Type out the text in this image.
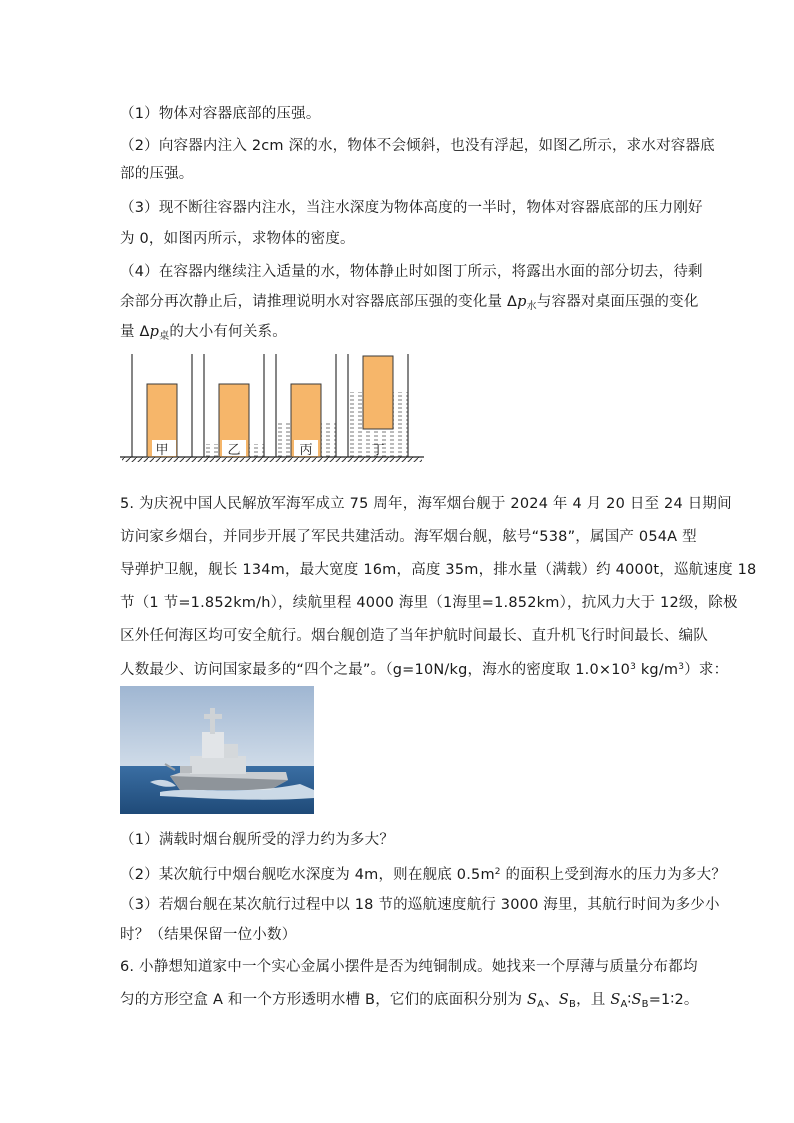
（1）物体对容器底部的压强。
（2）向容器内注入 2cm 深的水，物体不会倾斜，也没有浮起，如图乙所示，求水对容器底
部的压强。
（3）现不断往容器内注水，当注水深度为物体高度的一半时，物体对容器底部的压力刚好
为 0，如图丙所示，求物体的密度。
（4）在容器内继续注入适量的水，物体静止时如图丁所示，将露出水面的部分切去，待剩
余部分再次静止后，请推理说明水对容器底部压强的变化量 $\Delta p_水$与容器对桌面压强的变化
量 $\Delta p_桌$的大小有何关系。
甲	乙	丙	丁
5. 为庆祝中国人民解放军海军成立 75 周年，海军烟台舰于 2024 年 4 月 20 日至 24 日期间
访问家乡烟台，并同步开展了军民共建活动。海军烟台舰，舷号“538”，属国产 054A 型
导弹护卫舰，舰长 134m，最大宽度 16m，高度 35m，排水量（满载）约 4000t，巡航速度 18
节（1 节=1.852km/h），续航里程 4000 海里（1海里=1.852km），抗风力大于 12级，除极
区外任何海区均可安全航行。烟台舰创造了当年护航时间最长、直升机飞行时间最长、编队
人数最少、访问国家最多的“四个之最”。（g=10N/kg，海水的密度取 $1.0\times 10^3$ $kg/m^3$）求：
（1）满载时烟台舰所受的浮力约为多大？
（2）某次航行中烟台舰吃水深度为 4m，则在舰底 $0.5m^2$ 的面积上受到海水的压力为多大？
（3）若烟台舰在某次航行过程中以 18 节的巡航速度航行 3000 海里，其航行时间为多少小
时？（结果保留一位小数）
6. 小静想知道家中一个实心金属小摆件是否为纯铜制成。她找来一个厚薄与质量分布都均
匀的方形空盒 A 和一个方形透明水槽 B，它们的底面积分别为 $S_A$、$S_B$，且 $S_A∶S_B=1∶2$。
